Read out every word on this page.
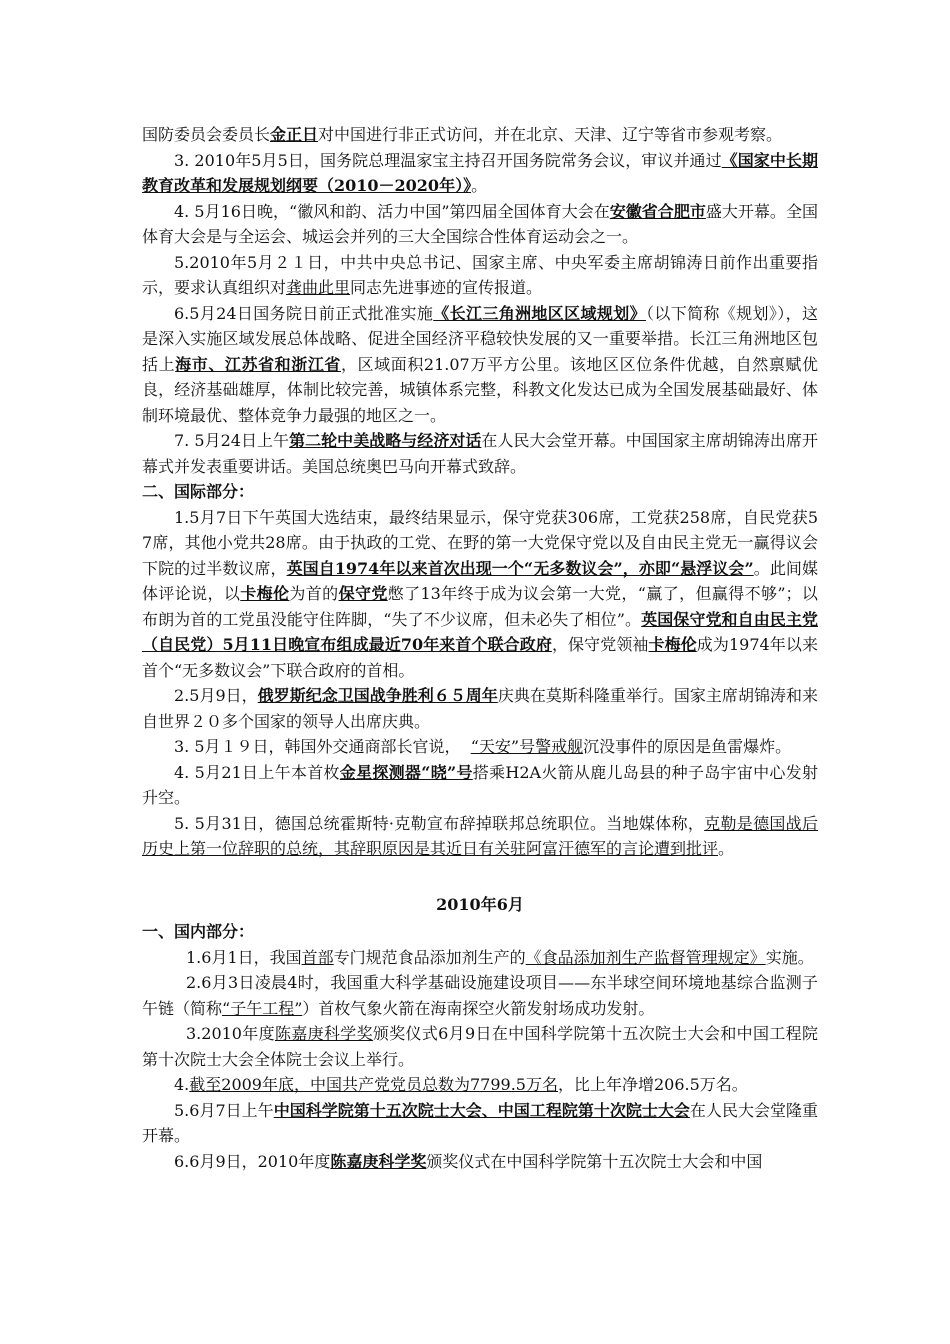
国防委员会委员长金正日对中国进行非正式访问，并在北京、天津、辽宁等省市参观考察。

3. 2010年5月5日，国务院总理温家宝主持召开国务院常务会议，审议并通过《国家中长期教育改革和发展规划纲要（2010－2020年）》。

4. 5月16日晚，“徽风和韵、活力中国”第四届全国体育大会在安徽省合肥市盛大开幕。全国体育大会是与全运会、城运会并列的三大全国综合性体育运动会之一。

5.2010年5月２１日，中共中央总书记、国家主席、中央军委主席胡锦涛日前作出重要指示，要求认真组织对龚曲此里同志先进事迹的宣传报道。

6.5月24日国务院日前正式批准实施《长江三角洲地区区域规划》（以下简称《规划》），这是深入实施区域发展总体战略、促进全国经济平稳较快发展的又一重要举措。长江三角洲地区包括上海市、江苏省和浙江省，区域面积21.07万平方公里。该地区区位条件优越，自然禀赋优良，经济基础雄厚，体制比较完善，城镇体系完整，科教文化发达已成为全国发展基础最好、体制环境最优、整体竞争力最强的地区之一。

7. 5月24日上午第二轮中美战略与经济对话在人民大会堂开幕。中国国家主席胡锦涛出席开幕式并发表重要讲话。美国总统奥巴马向开幕式致辞。

二、国际部分：

1.5月7日下午英国大选结束，最终结果显示，保守党获306席，工党获258席，自民党获57席，其他小党共28席。由于执政的工党、在野的第一大党保守党以及自由民主党无一赢得议会下院的过半数议席，英国自1974年以来首次出现一个“无多数议会”，亦即“悬浮议会”。此间媒体评论说，以卡梅伦为首的保守党憋了13年终于成为议会第一大党，“赢了，但赢得不够”；以布朗为首的工党虽没能守住阵脚，“失了不少议席，但未必失了相位”。英国保守党和自由民主党（自民党）5月11日晚宣布组成最近70年来首个联合政府，保守党领袖卡梅伦成为1974年以来首个“无多数议会”下联合政府的首相。

2.5月9日，俄罗斯纪念卫国战争胜利６５周年庆典在莫斯科隆重举行。国家主席胡锦涛和来自世界２０多个国家的领导人出席庆典。

3. 5月１９日，韩国外交通商部长官说，  “天安”号警戒舰沉没事件的原因是鱼雷爆炸。

4. 5月21日上午本首枚金星探测器“晓”号搭乘H2A火箭从鹿儿岛县的种子岛宇宙中心发射升空。

5. 5月31日，德国总统霍斯特·克勒宣布辞掉联邦总统职位。当地媒体称，克勒是德国战后历史上第一位辞职的总统，其辞职原因是其近日有关驻阿富汗德军的言论遭到批评。

2010年6月

一、国内部分：

1.6月1日，我国首部专门规范食品添加剂生产的《食品添加剂生产监督管理规定》实施。

2.6月3日凌晨4时，我国重大科学基础设施建设项目——东半球空间环境地基综合监测子午链（简称“子午工程”）首枚气象火箭在海南探空火箭发射场成功发射。

3.2010年度陈嘉庚科学奖颁奖仪式6月9日在中国科学院第十五次院士大会和中国工程院第十次院士大会全体院士会议上举行。

4.截至2009年底，中国共产党党员总数为7799.5万名，比上年净增206.5万名。

5.6月7日上午中国科学院第十五次院士大会、中国工程院第十次院士大会在人民大会堂隆重开幕。

6.6月9日，2010年度陈嘉庚科学奖颁奖仪式在中国科学院第十五次院士大会和中国
